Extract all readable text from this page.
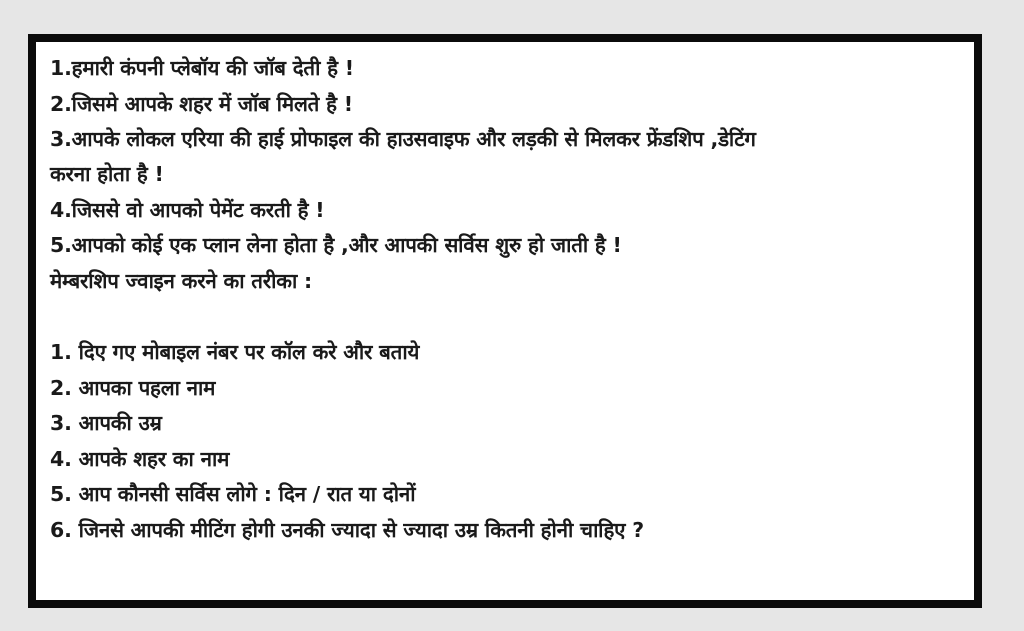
1.हमारी कंपनी प्लेबॉय की जॉब देती है !
2.जिसमे आपके शहर में जॉब मिलते है !
3.आपके लोकल एरिया की हाई प्रोफाइल की हाउसवाइफ और लड़की से मिलकर फ्रेंडशिप ,डेटिंग
करना होता है !
4.जिससे वो आपको पेमेंट करती है !
5.आपको कोई एक प्लान लेना होता है ,और आपकी सर्विस शुरु हो जाती है !
मेम्बरशिप ज्वाइन करने का तरीका :
1. दिए गए मोबाइल नंबर पर कॉल करे और बताये
2. आपका पहला नाम
3. आपकी उम्र
4. आपके शहर का नाम
5. आप कौनसी सर्विस लोगे : दिन / रात या दोनों
6. जिनसे आपकी मीटिंग होगी उनकी ज्यादा से ज्यादा उम्र कितनी होनी चाहिए ?
